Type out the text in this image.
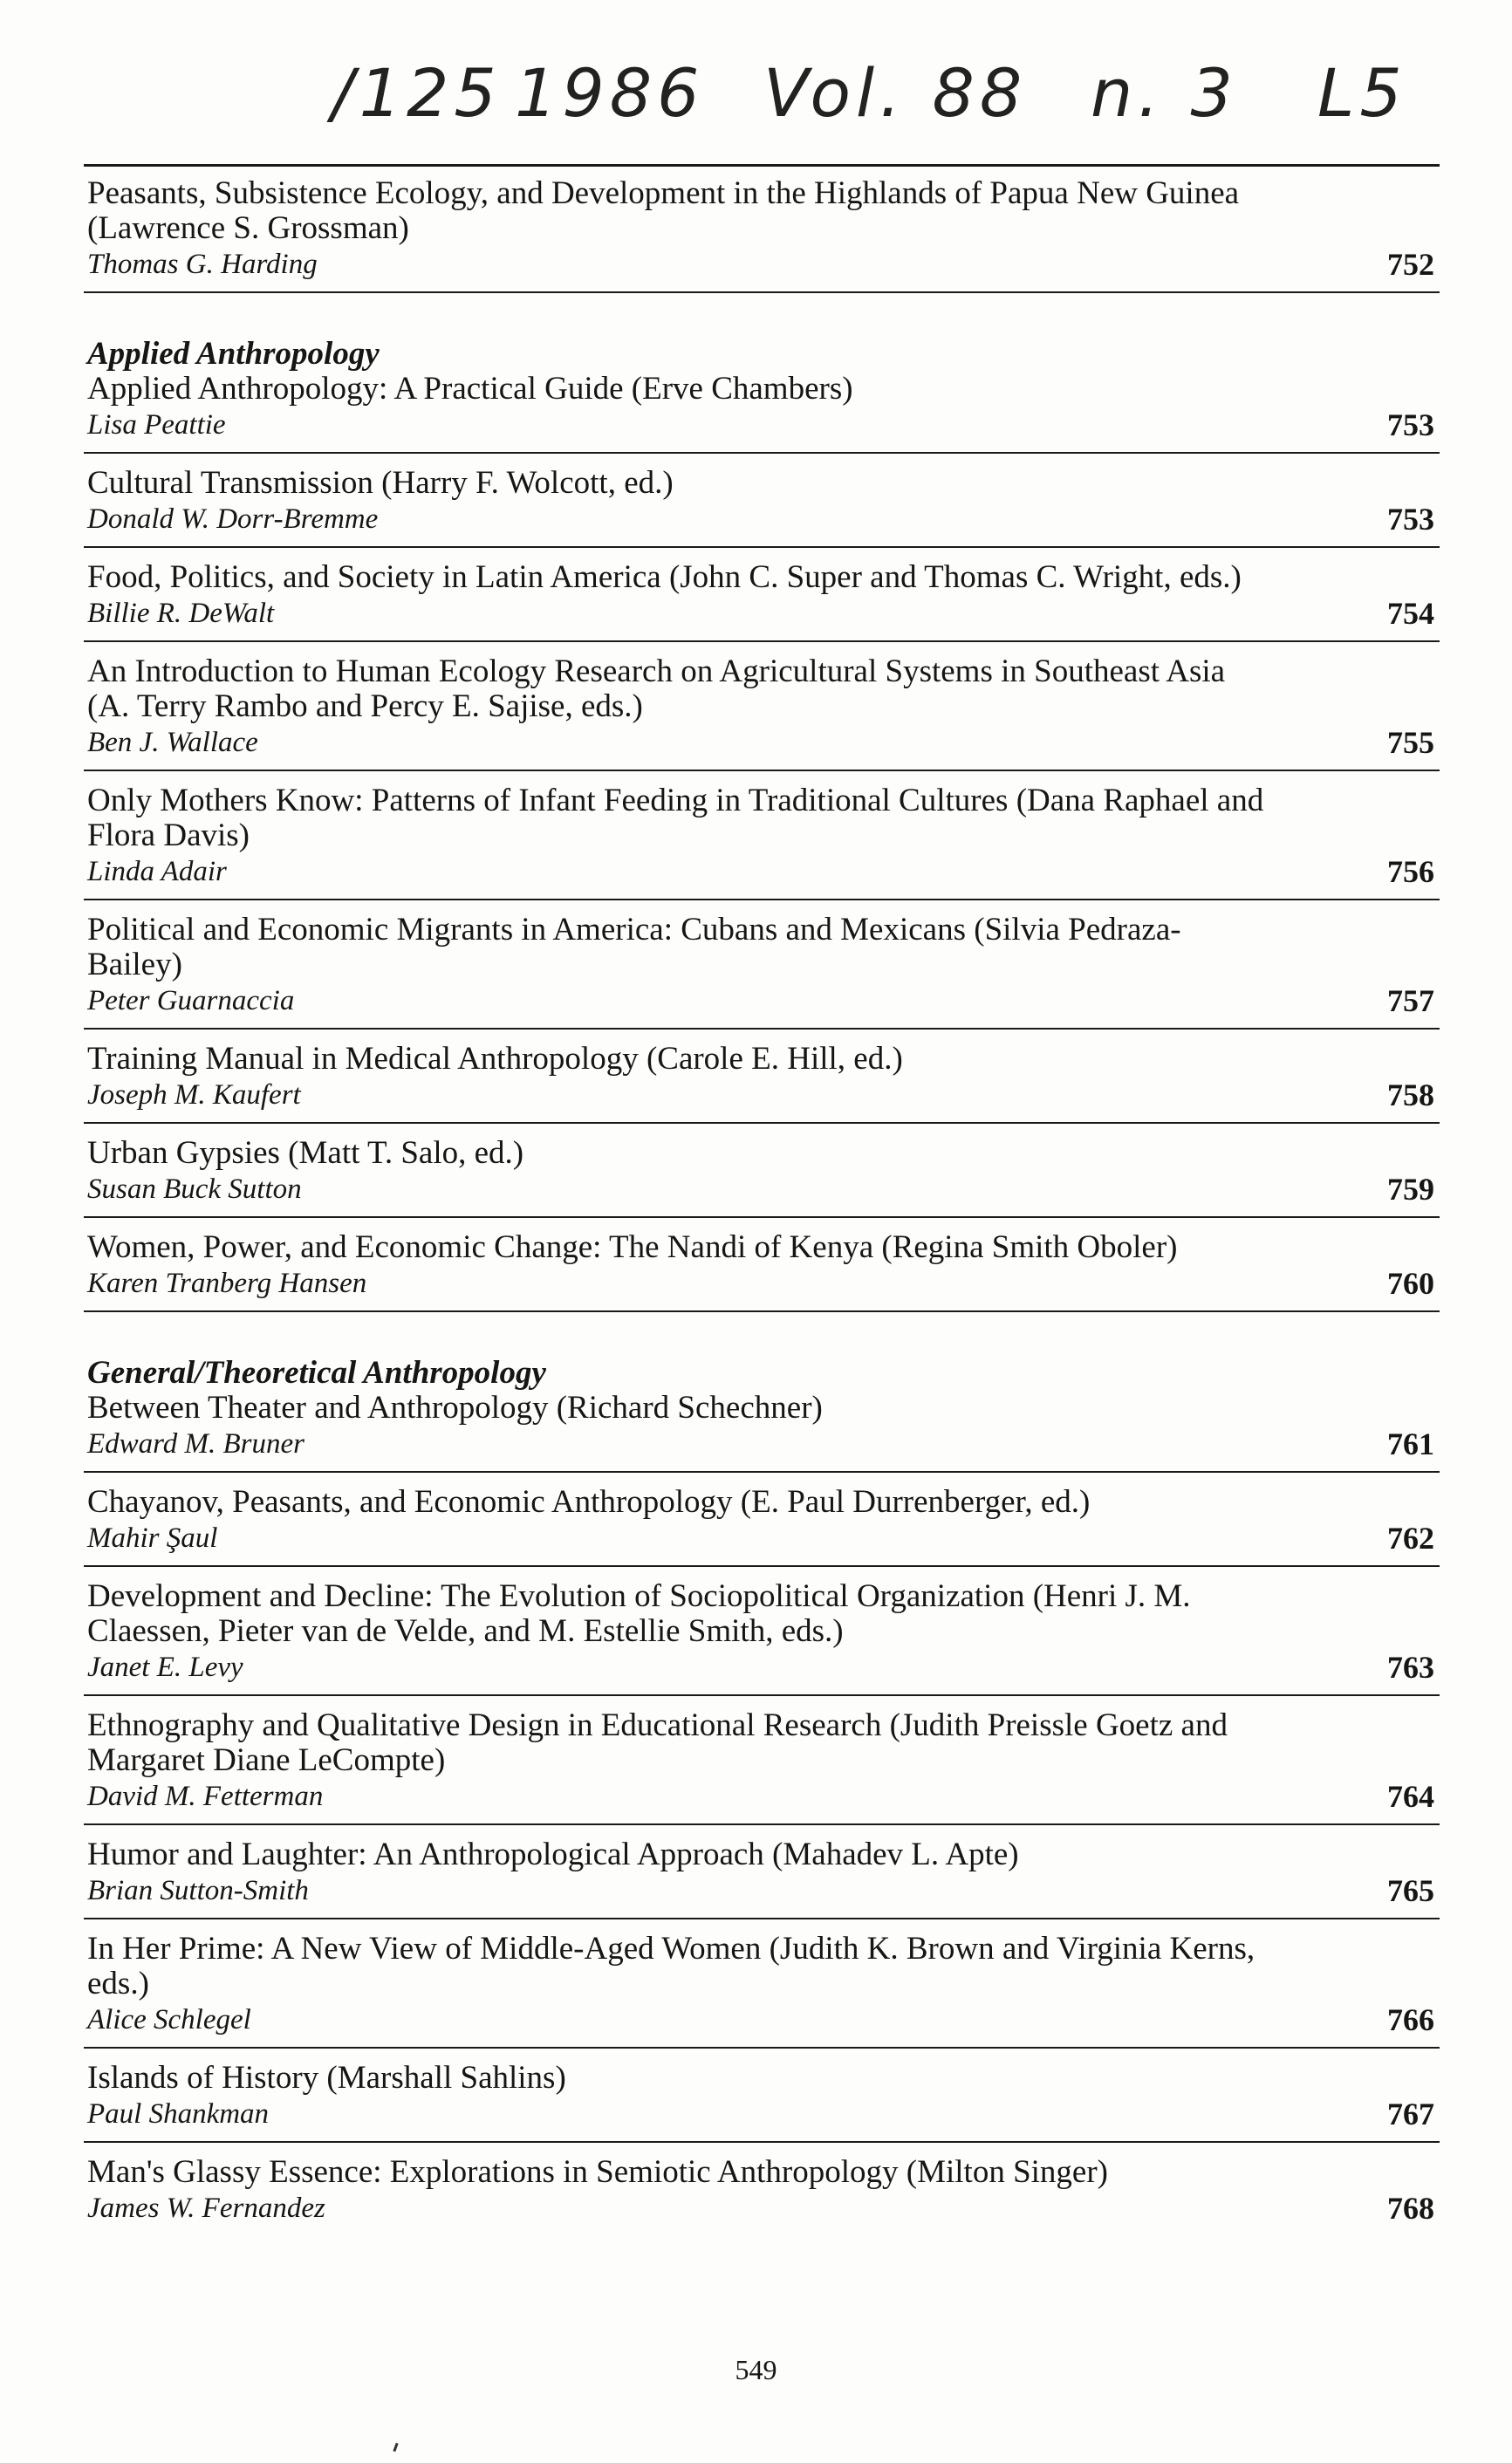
/125 1986 Vol. 88 n. 3 L5
Peasants, Subsistence Ecology, and Development in the Highlands of Papua New Guinea (Lawrence S. Grossman)
Thomas G. Harding	752
Applied Anthropology
Applied Anthropology: A Practical Guide (Erve Chambers)
Lisa Peattie	753
Cultural Transmission (Harry F. Wolcott, ed.)
Donald W. Dorr-Bremme	753
Food, Politics, and Society in Latin America (John C. Super and Thomas C. Wright, eds.)
Billie R. DeWalt	754
An Introduction to Human Ecology Research on Agricultural Systems in Southeast Asia (A. Terry Rambo and Percy E. Sajise, eds.)
Ben J. Wallace	755
Only Mothers Know: Patterns of Infant Feeding in Traditional Cultures (Dana Raphael and Flora Davis)
Linda Adair	756
Political and Economic Migrants in America: Cubans and Mexicans (Silvia Pedraza-Bailey)
Peter Guarnaccia	757
Training Manual in Medical Anthropology (Carole E. Hill, ed.)
Joseph M. Kaufert	758
Urban Gypsies (Matt T. Salo, ed.)
Susan Buck Sutton	759
Women, Power, and Economic Change: The Nandi of Kenya (Regina Smith Oboler)
Karen Tranberg Hansen	760
General/Theoretical Anthropology
Between Theater and Anthropology (Richard Schechner)
Edward M. Bruner	761
Chayanov, Peasants, and Economic Anthropology (E. Paul Durrenberger, ed.)
Mahir Şaul	762
Development and Decline: The Evolution of Sociopolitical Organization (Henri J. M. Claessen, Pieter van de Velde, and M. Estellie Smith, eds.)
Janet E. Levy	763
Ethnography and Qualitative Design in Educational Research (Judith Preissle Goetz and Margaret Diane LeCompte)
David M. Fetterman	764
Humor and Laughter: An Anthropological Approach (Mahadev L. Apte)
Brian Sutton-Smith	765
In Her Prime: A New View of Middle-Aged Women (Judith K. Brown and Virginia Kerns, eds.)
Alice Schlegel	766
Islands of History (Marshall Sahlins)
Paul Shankman	767
Man's Glassy Essence: Explorations in Semiotic Anthropology (Milton Singer)
James W. Fernandez	768
549
